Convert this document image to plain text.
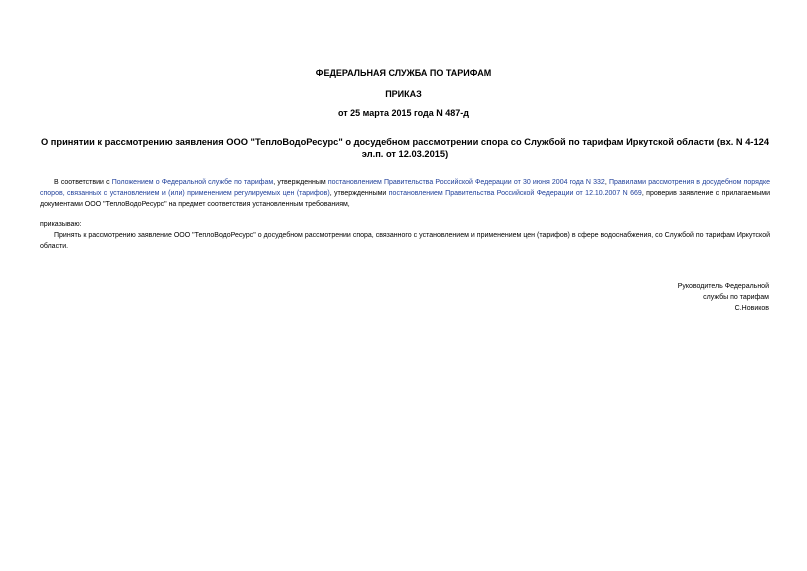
ФЕДЕРАЛЬНАЯ СЛУЖБА ПО ТАРИФАМ
ПРИКАЗ
от 25 марта 2015 года N 487-д
О принятии к рассмотрению заявления ООО "ТеплоВодоРесурс" о досудебном рассмотрении спора со Службой по тарифам Иркутской области (вх. N 4-124 эл.п. от 12.03.2015)
В соответствии с Положением о Федеральной службе по тарифам, утвержденным постановлением Правительства Российской Федерации от 30 июня 2004 года N 332, Правилами рассмотрения в досудебном порядке споров, связанных с установлением и (или) применением регулируемых цен (тарифов), утвержденными постановлением Правительства Российской Федерации от 12.10.2007 N 669, проверив заявление с прилагаемыми документами ООО "ТеплоВодоРесурс" на предмет соответствия установленным требованиям,
приказываю:
Принять к рассмотрению заявление ООО "ТеплоВодоРесурс" о досудебном рассмотрении спора, связанного с установлением и применением цен (тарифов) в сфере водоснабжения, со Службой по тарифам Иркутской области.
Руководитель Федеральной
службы по тарифам
С.Новиков
